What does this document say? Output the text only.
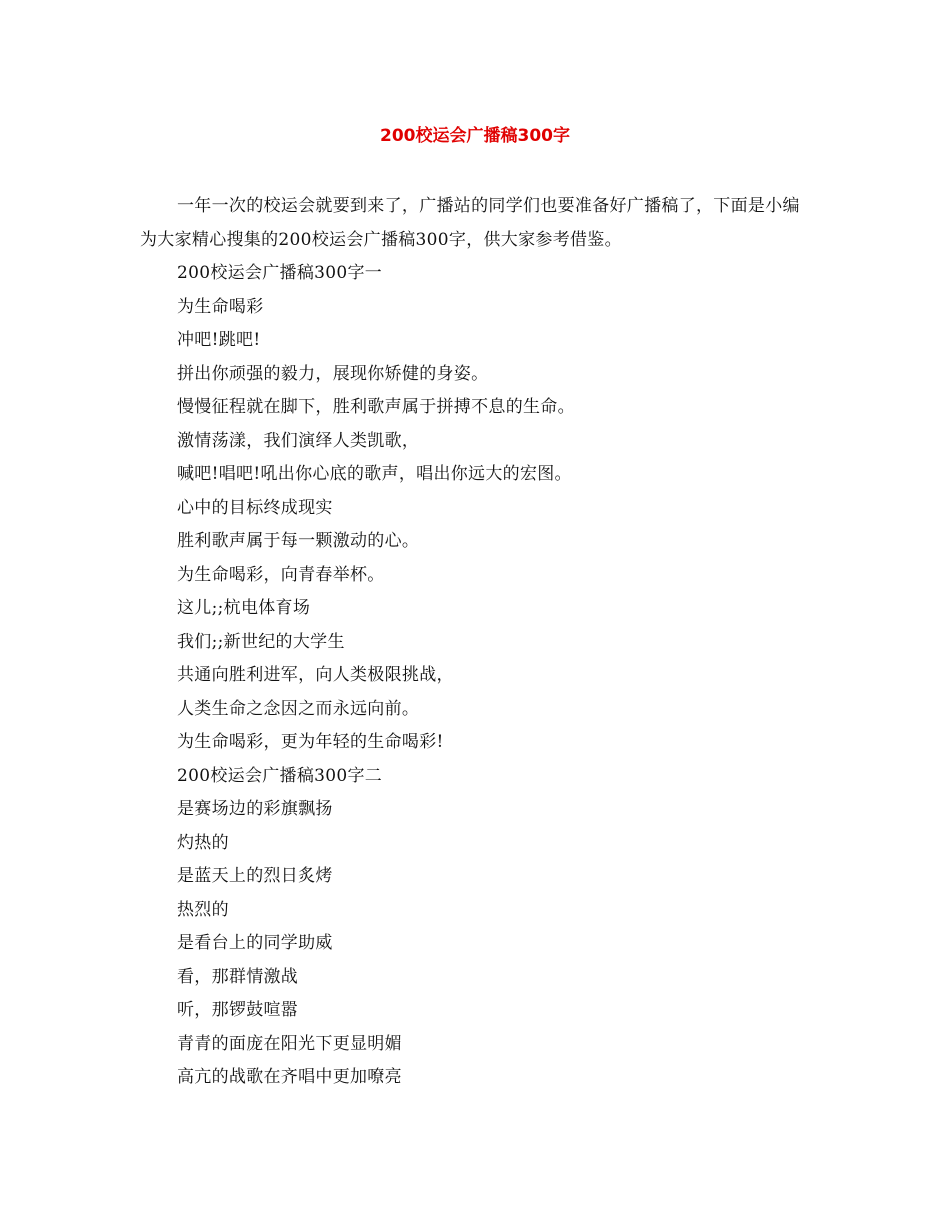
200校运会广播稿300字

一年一次的校运会就要到来了，广播站的同学们也要准备好广播稿了，下面是小编为大家精心搜集的200校运会广播稿300字，供大家参考借鉴。

200校运会广播稿300字一

为生命喝彩

冲吧!跳吧!

拼出你顽强的毅力，展现你矫健的身姿。

慢慢征程就在脚下，胜利歌声属于拼搏不息的生命。

激情荡漾，我们演绎人类凯歌，

喊吧!唱吧!吼出你心底的歌声，唱出你远大的宏图。

心中的目标终成现实

胜利歌声属于每一颗激动的心。

为生命喝彩，向青春举杯。

这儿;;杭电体育场

我们;;新世纪的大学生

共通向胜利进军，向人类极限挑战，

人类生命之念因之而永远向前。

为生命喝彩，更为年轻的生命喝彩!

200校运会广播稿300字二

是赛场边的彩旗飘扬

灼热的

是蓝天上的烈日炙烤

热烈的

是看台上的同学助威

看，那群情激战

听，那锣鼓喧嚣

青青的面庞在阳光下更显明媚

高亢的战歌在齐唱中更加嘹亮
